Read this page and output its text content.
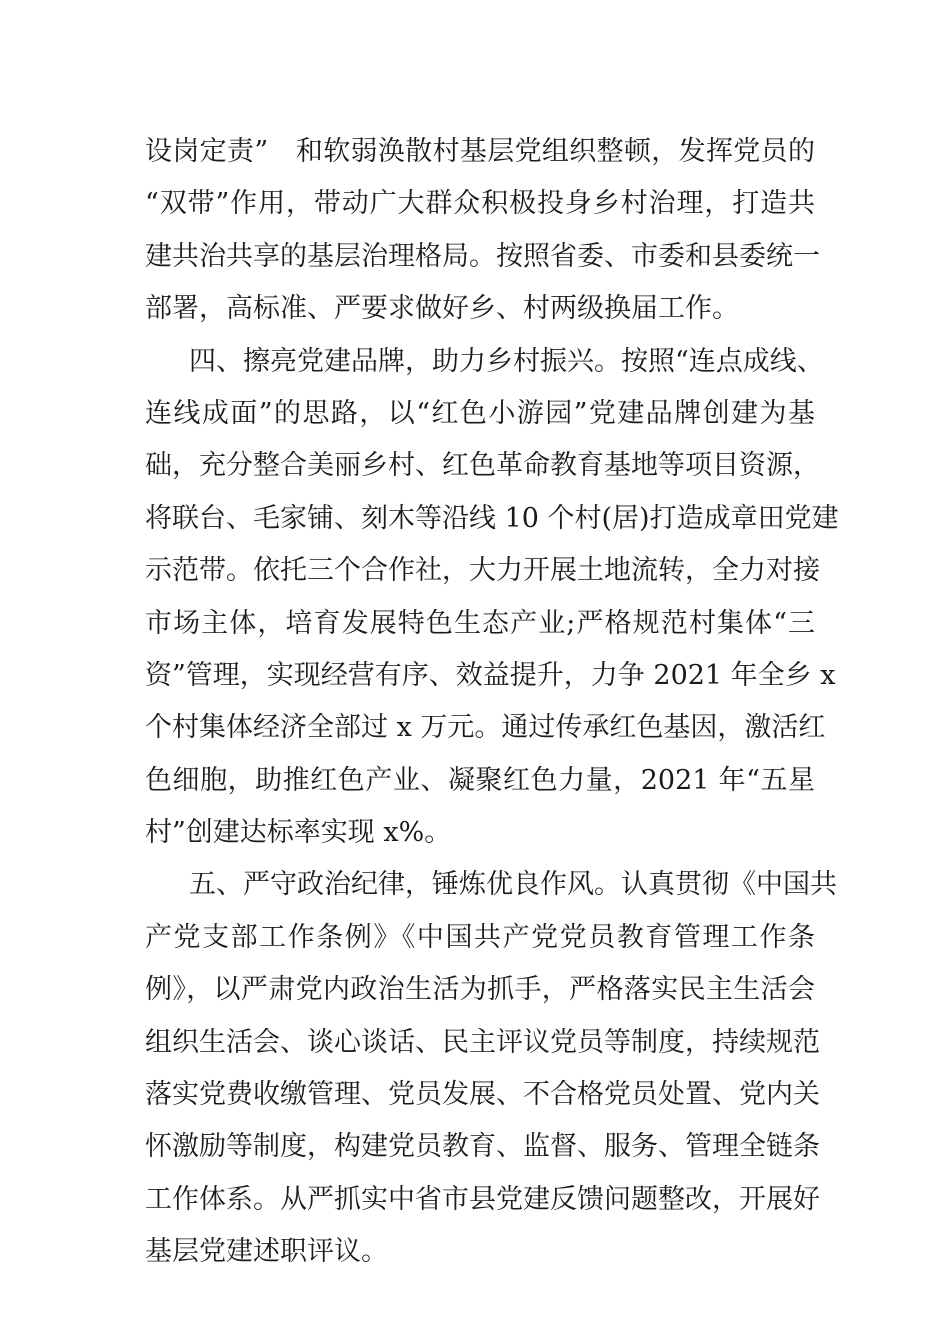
设岗定责”　和软弱涣散村基层党组织整顿，发挥党员的
“双带”作用，带动广大群众积极投身乡村治理，打造共
建共治共享的基层治理格局。按照省委、市委和县委统一
部署，高标准、严要求做好乡、村两级换届工作。
四、擦亮党建品牌，助力乡村振兴。按照“连点成线、
连线成面”的思路，以“红色小游园”党建品牌创建为基
础，充分整合美丽乡村、红色革命教育基地等项目资源，
将联台、毛家铺、刻木等沿线 10 个村(居)打造成章田党建
示范带。依托三个合作社，大力开展土地流转，全力对接
市场主体，培育发展特色生态产业;严格规范村集体“三
资”管理，实现经营有序、效益提升，力争 2021 年全乡 x
个村集体经济全部过 x 万元。通过传承红色基因，激活红
色细胞，助推红色产业、凝聚红色力量，2021 年“五星
村”创建达标率实现 x%。
五、严守政治纪律，锤炼优良作风。认真贯彻《中国共
产党支部工作条例》《中国共产党党员教育管理工作条
例》，以严肃党内政治生活为抓手，严格落实民主生活会
组织生活会、谈心谈话、民主评议党员等制度，持续规范
落实党费收缴管理、党员发展、不合格党员处置、党内关
怀激励等制度，构建党员教育、监督、服务、管理全链条
工作体系。从严抓实中省市县党建反馈问题整改，开展好
基层党建述职评议。
